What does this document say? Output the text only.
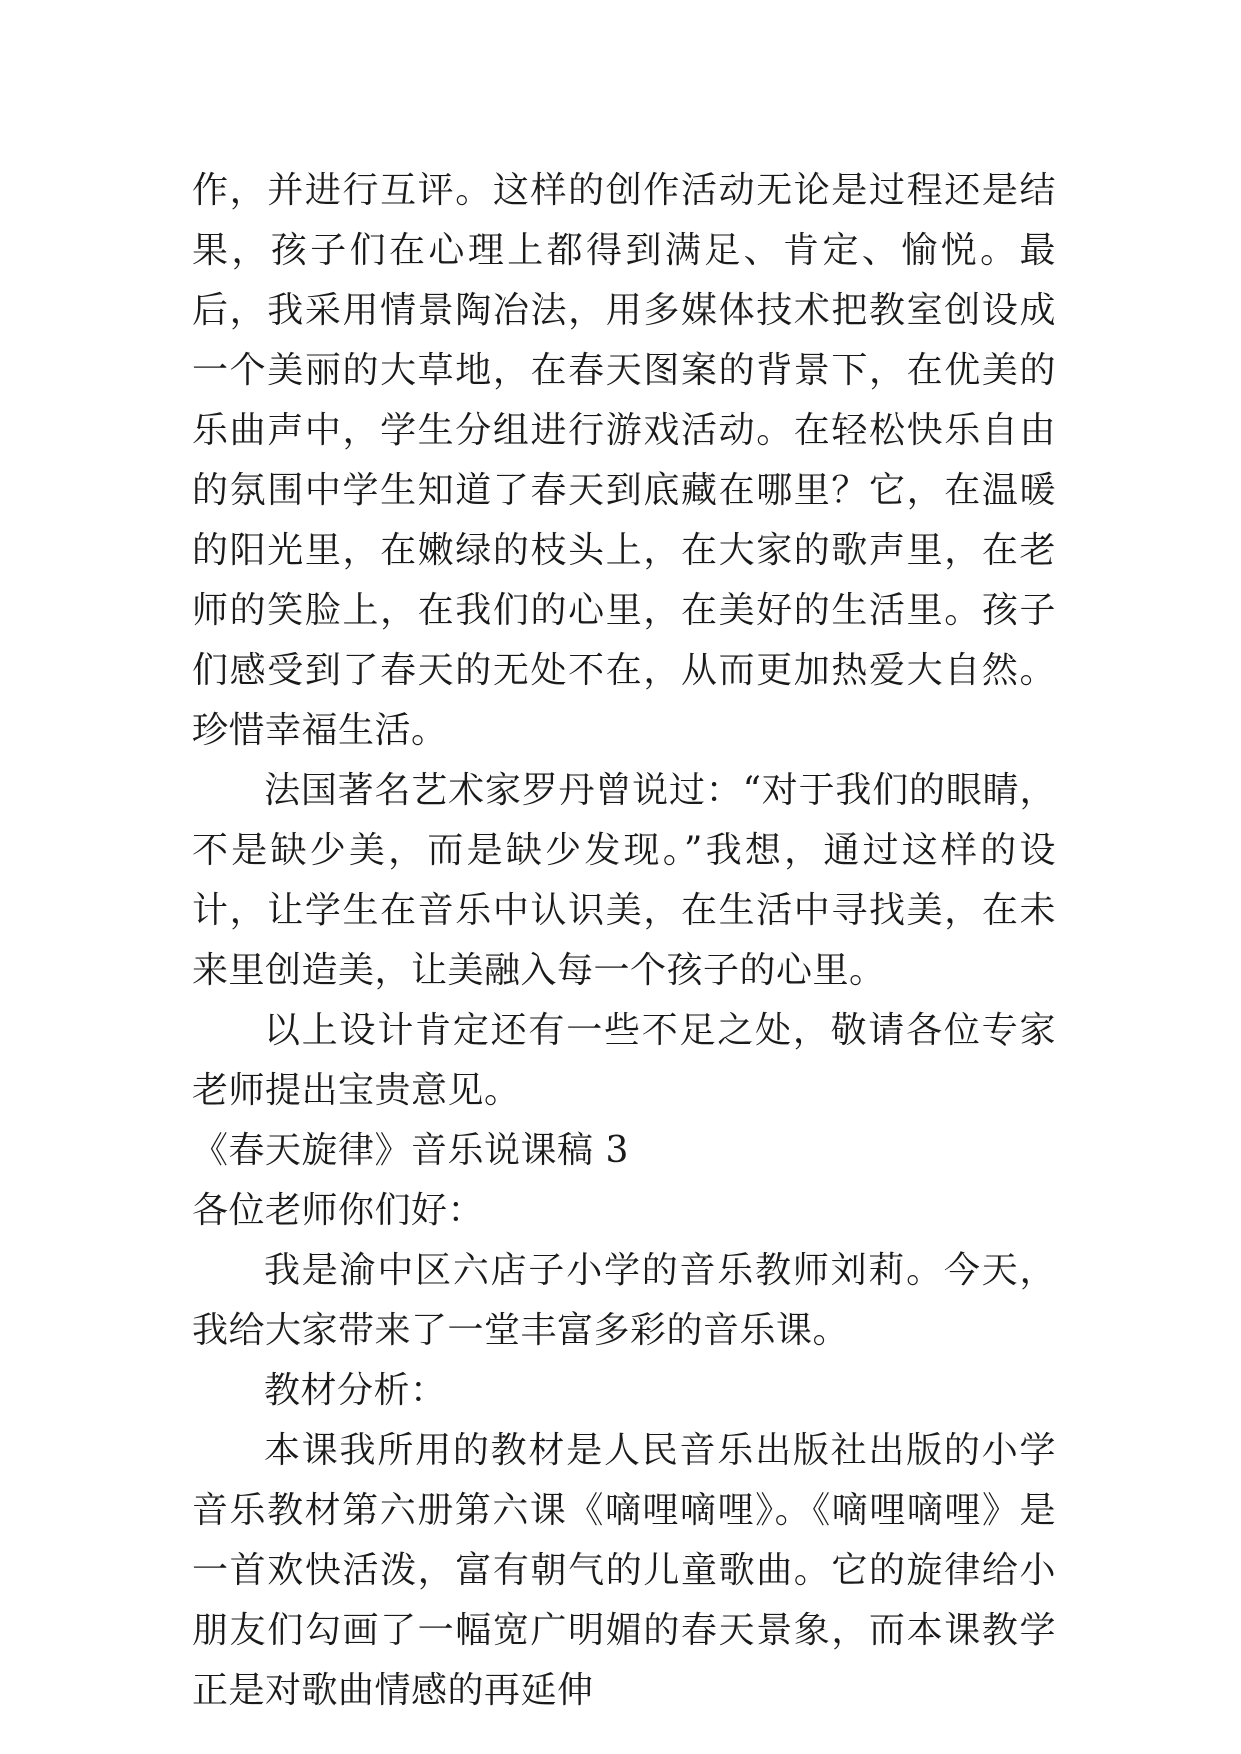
作，并进行互评。这样的创作活动无论是过程还是结果，孩子们在心理上都得到满足、肯定、愉悦。最后，我采用情景陶冶法，用多媒体技术把教室创设成一个美丽的大草地，在春天图案的背景下，在优美的乐曲声中，学生分组进行游戏活动。在轻松快乐自由的氛围中学生知道了春天到底藏在哪里？它，在温暖的阳光里，在嫩绿的枝头上，在大家的歌声里，在老师的笑脸上，在我们的心里，在美好的生活里。孩子们感受到了春天的无处不在，从而更加热爱大自然。珍惜幸福生活。

法国著名艺术家罗丹曾说过：“对于我们的眼睛，不是缺少美，而是缺少发现。”我想，通过这样的设计，让学生在音乐中认识美，在生活中寻找美，在未来里创造美，让美融入每一个孩子的心里。

以上设计肯定还有一些不足之处，敬请各位专家老师提出宝贵意见。

《春天旋律》音乐说课稿 3

各位老师你们好：

我是渝中区六店子小学的音乐教师刘莉。今天，我给大家带来了一堂丰富多彩的音乐课。

教材分析：

本课我所用的教材是人民音乐出版社出版的小学音乐教材第六册第六课《嘀哩嘀哩》。《嘀哩嘀哩》是一首欢快活泼，富有朝气的儿童歌曲。它的旋律给小朋友们勾画了一幅宽广明媚的春天景象，而本课教学正是对歌曲情感的再延伸
